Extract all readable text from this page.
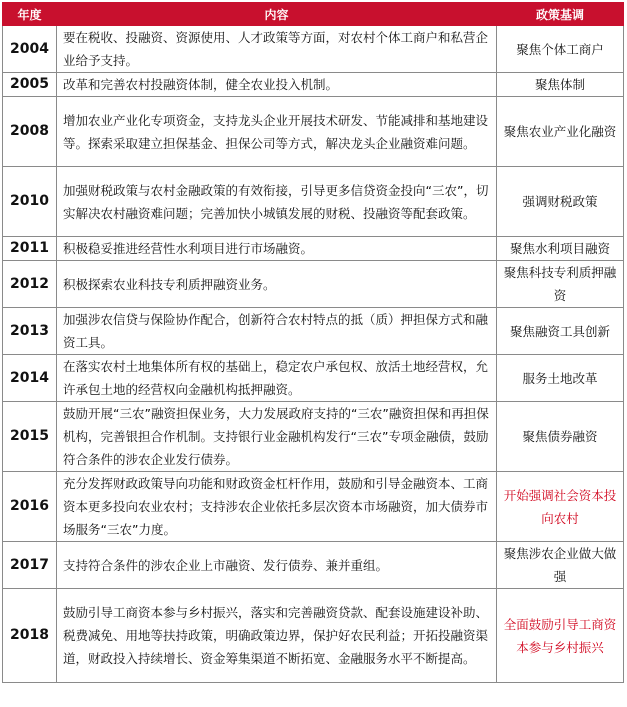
年度	内容	政策基调
2004	要在税收、投融资、资源使用、人才政策等方面，对农村个体工商户和私营企业给予支持。	聚焦个体工商户
2005	改革和完善农村投融资体制，健全农业投入机制。	聚焦体制
2008	增加农业产业化专项资金，支持龙头企业开展技术研发、节能减排和基地建设等。探索采取建立担保基金、担保公司等方式，解决龙头企业融资难问题。	聚焦农业产业化融资
2010	加强财税政策与农村金融政策的有效衔接，引导更多信贷资金投向“三农”，切实解决农村融资难问题；完善加快小城镇发展的财税、投融资等配套政策。	强调财税政策
2011	积极稳妥推进经营性水利项目进行市场融资。	聚焦水利项目融资
2012	积极探索农业科技专利质押融资业务。	聚焦科技专利质押融资
2013	加强涉农信贷与保险协作配合，创新符合农村特点的抵（质）押担保方式和融资工具。	聚焦融资工具创新
2014	在落实农村土地集体所有权的基础上，稳定农户承包权、放活土地经营权，允许承包土地的经营权向金融机构抵押融资。	服务土地改革
2015	鼓励开展“三农”融资担保业务，大力发展政府支持的“三农”融资担保和再担保机构，完善银担合作机制。支持银行业金融机构发行“三农”专项金融债，鼓励符合条件的涉农企业发行债券。	聚焦债券融资
2016	充分发挥财政政策导向功能和财政资金杠杆作用，鼓励和引导金融资本、工商资本更多投向农业农村；支持涉农企业依托多层次资本市场融资，加大债券市场服务“三农”力度。	开始强调社会资本投向农村
2017	支持符合条件的涉农企业上市融资、发行债券、兼并重组。	聚焦涉农企业做大做强
2018	鼓励引导工商资本参与乡村振兴，落实和完善融资贷款、配套设施建设补助、税费减免、用地等扶持政策，明确政策边界，保护好农民利益；开拓投融资渠道，财政投入持续增长、资金筹集渠道不断拓宽、金融服务水平不断提高。	全面鼓励引导工商资本参与乡村振兴
